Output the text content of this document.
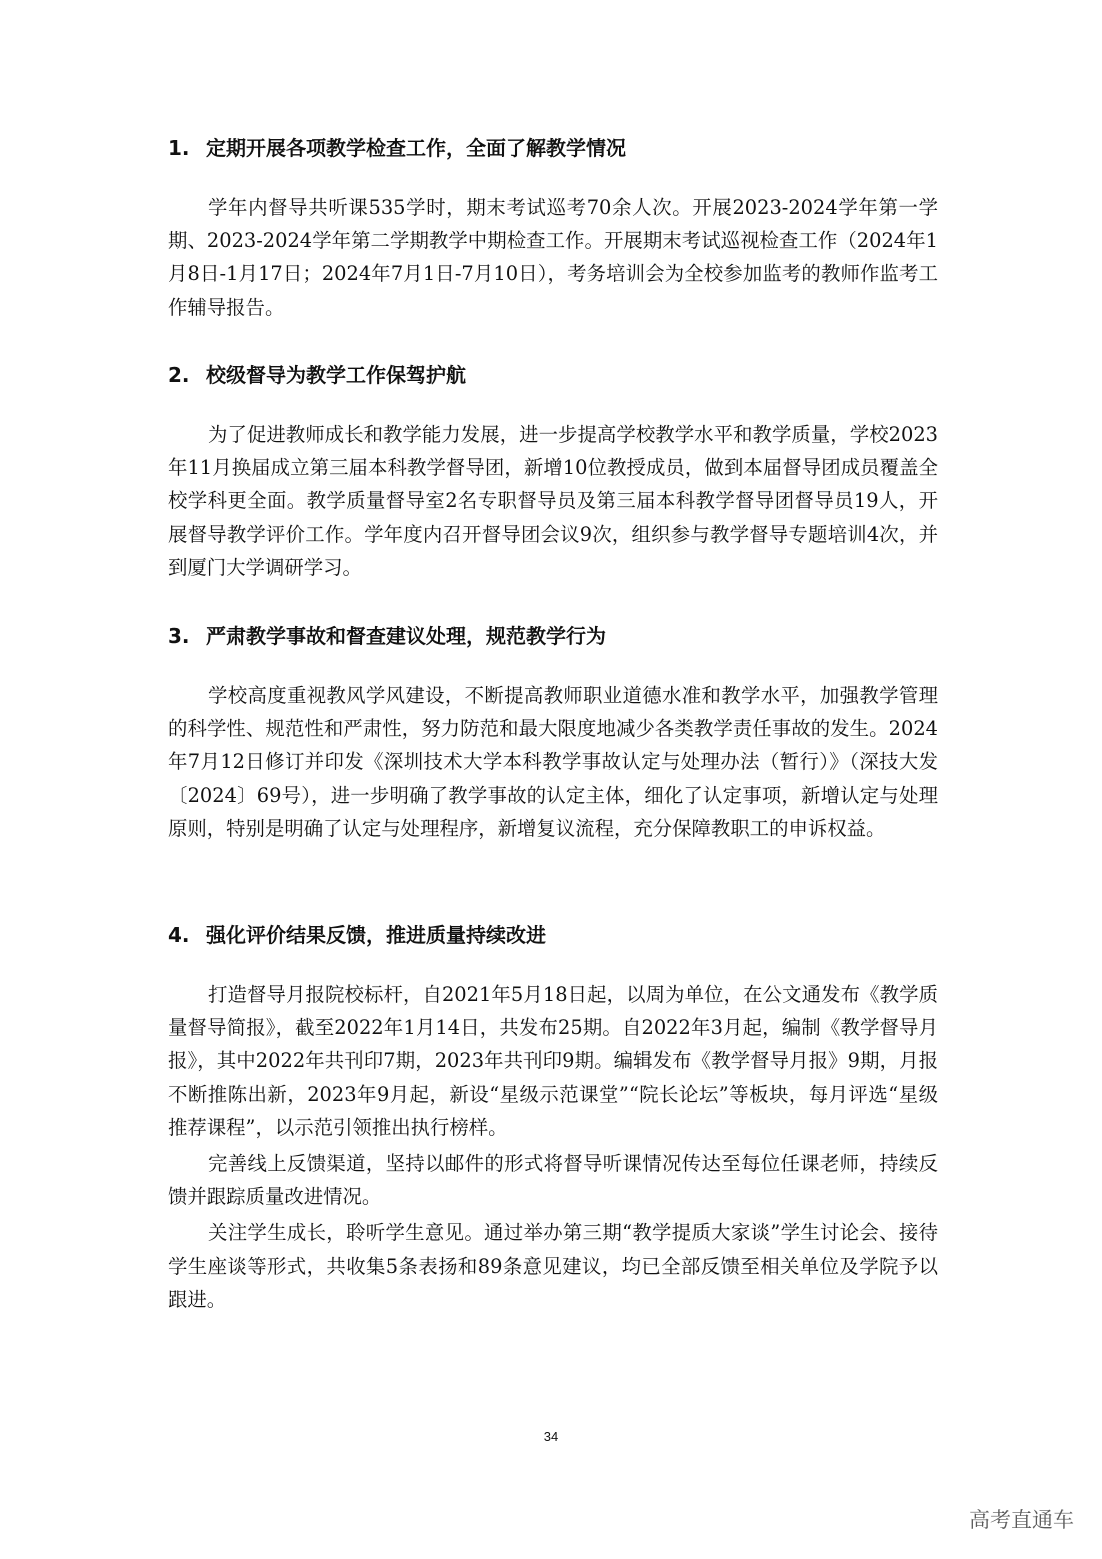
1. 定期开展各项教学检查工作，全面了解教学情况

学年内督导共听课535学时，期末考试巡考70余人次。开展2023-2024学年第一学期、2023-2024学年第二学期教学中期检查工作。开展期末考试巡视检查工作（2024年1月8日-1月17日；2024年7月1日-7月10日），考务培训会为全校参加监考的教师作监考工作辅导报告。

2. 校级督导为教学工作保驾护航

为了促进教师成长和教学能力发展，进一步提高学校教学水平和教学质量，学校2023年11月换届成立第三届本科教学督导团，新增10位教授成员，做到本届督导团成员覆盖全校学科更全面。教学质量督导室2名专职督导员及第三届本科教学督导团督导员19人，开展督导教学评价工作。学年度内召开督导团会议9次，组织参与教学督导专题培训4次，并到厦门大学调研学习。

3. 严肃教学事故和督查建议处理，规范教学行为

学校高度重视教风学风建设，不断提高教师职业道德水准和教学水平，加强教学管理的科学性、规范性和严肃性，努力防范和最大限度地减少各类教学责任事故的发生。2024年7月12日修订并印发《深圳技术大学本科教学事故认定与处理办法（暂行）》（深技大发〔2024〕69号），进一步明确了教学事故的认定主体，细化了认定事项，新增认定与处理原则，特别是明确了认定与处理程序，新增复议流程，充分保障教职工的申诉权益。

4. 强化评价结果反馈，推进质量持续改进

打造督导月报院校标杆，自2021年5月18日起，以周为单位，在公文通发布《教学质量督导简报》，截至2022年1月14日，共发布25期。自2022年3月起，编制《教学督导月报》，其中2022年共刊印7期，2023年共刊印9期。编辑发布《教学督导月报》9期，月报不断推陈出新，2023年9月起，新设“星级示范课堂”“院长论坛”等板块，每月评选“星级推荐课程”，以示范引领推出执行榜样。

完善线上反馈渠道，坚持以邮件的形式将督导听课情况传达至每位任课老师，持续反馈并跟踪质量改进情况。

关注学生成长，聆听学生意见。通过举办第三期“教学提质大家谈”学生讨论会、接待学生座谈等形式，共收集5条表扬和89条意见建议，均已全部反馈至相关单位及学院予以跟进。

34
高考直通车
